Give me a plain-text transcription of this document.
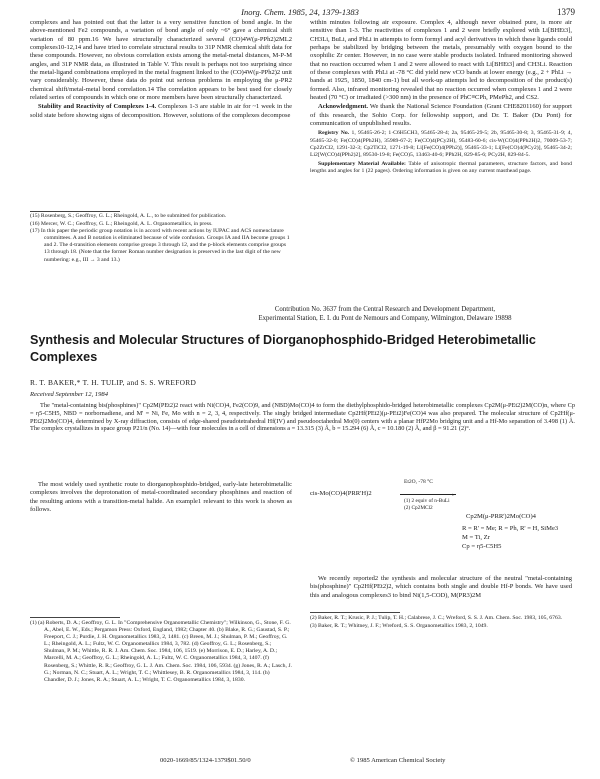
Inorg. Chem. 1985, 24, 1379-1383	1379

complexes and has pointed out that the latter is a very sensitive function of bond angle. In the above-mentioned Fe2 compounds, a variation of bond angle of only ~6° gave a chemical shift variation of 80 ppm.16 We have structurally characterized several (CO)4W(μ-PPh2)2ML2 complexes10-12,14 and have tried to correlate structural results to 31P NMR chemical shift data for these compounds. However, no obvious correlation exists among the metal-metal distances, M-P-M angles, and 31P NMR data, as illustrated in Table V. This result is perhaps not too surprising since the metal-ligand combinations employed in the metal fragment linked to the (CO)4W(μ-PPh2)2 unit vary considerably. However, these data do point out serious problems in employing the μ-PR2 chemical shift/metal-metal bond correlation.14 The correlation appears to be best used for closely related series of compounds in which one or more members have been structurally characterized.

Stability and Reactivity of Complexes 1-4. Complexes 1-3 are stable in air for ~1 week in the solid state before showing signs of decomposition. However, solutions of the complexes decompose

(15) Rosenberg, S.; Geoffroy, G. L.; Rheingold, A. L., to be submitted for publication.

(16) Mercer, W. C.; Geoffroy, G. L.; Rheingold, A. L. Organometallics, in press.

(17) In this paper the periodic group notation is in accord with recent actions by IUPAC and ACS nomenclature committees. A and B notation is eliminated because of wide confusion. Groups IA and IIA become groups 1 and 2. The d-transition elements comprise groups 3 through 12, and the p-block elements comprise groups 13 through 18. (Note that the former Roman number designation is preserved in the last digit of the new numbering: e.g., III → 3 and 13.)

within minutes following air exposure. Complex 4, although never obtained pure, is more air sensitive than 1-3. The reactivities of complexes 1 and 2 were briefly explored with Li[BHEt3], CH3Li, BuLi, and PhLi in attempts to form formyl and acyl derivatives in which these ligands could perhaps be stabilized by bridging between the metals, presumably with oxygen bound to the oxophilic Zr center. However, in no case were stable products isolated. Infrared monitoring showed that no reaction occurred when 1 and 2 were allowed to react with Li[BHEt3] and CH3Li. Reaction of these complexes with PhLi at -78 °C did yield new νCO bands at lower energy (e.g., 2 + PhLi → bands at 1925, 1850, 1840 cm-1) but all work-up attempts led to decomposition of the product(s) formed. Also, infrared monitoring revealed that no reaction occurred when complexes 1 and 2 were heated (70 °C) or irradiated (>300 nm) in the presence of PhC≡CPh, PMePh2, and CS2.

Acknowledgment. We thank the National Science Foundation (Grant CHE8201160) for support of this research, the Sohio Corp. for fellowship support, and Dr. T. Baker (Du Pont) for communication of unpublished results.

Registry No. 1, 95465-26-2; 1·C6H5CH3, 95465-28-4; 2a, 95465-29-5; 2b, 95465-30-8; 3, 95465-31-9; 4, 95465-32-0; Fe(CO)4(PPh2H), 35989-67-2; Fe(CO)4(PCy2H), 95483-60-6; cis-W(CO)4(PPh2H)2, 70009-53-7; Cp2ZrCl2, 1291-32-3; Cp2TiCl2, 1271-19-8; Li[Fe(CO)4(PPh2)], 95465-33-1; Li[Fe(CO)4(PCy2)], 95465-34-2; Li2[W(CO)4(PPh2)2], 89530-19-8; Fe(CO)5, 13463-40-6; PPh2H, 829-85-6; PCy2H, 829-84-5.

Supplementary Material Available: Table of anisotropic thermal parameters, structure factors, and bond lengths and angles for 1 (22 pages). Ordering information is given on any current masthead page.

Contribution No. 3637 from the Central Research and Development Department,
Experimental Station, E. I. du Pont de Nemours and Company, Wilmington, Delaware 19898
Synthesis and Molecular Structures of Diorganophosphido-Bridged Heterobimetallic
Complexes
R. T. BAKER,* T. H. TULIP, and S. S. WREFORD
Received September 12, 1984
The "metal-containing bis(phosphines)" Cp2M(PEt2)2 react with Ni(CO)4, Fe2(CO)9, and (NBD)Mo(CO)4 to form the diethylphosphido-bridged heterobimetallic complexes Cp2M(μ-PEt2)2M(CO)n, where Cp = η5-C5H5, NBD = norbornadiene, and M' = Ni, Fe, Mo with n = 2, 3, 4, respectively. The singly bridged intermediate Cp2Hf(PEt2)(μ-PEt2)Fe(CO)4 was also prepared. The molecular structure of Cp2Hf(μ-PEt2)2Mo(CO)4, determined by X-ray diffraction, consists of edge-shared pseudotetrahedral Hf(IV) and pseudooctahedral Mo(0) centers with a planar HfP2Mo bridging unit and a Hf-Mo separation of 3.498 (1) Å. The complex crystallizes in space group P21/n (No. 14)—with four molecules in a cell of dimensions a = 13.315 (3) Å, b = 15.294 (6) Å, c = 10.180 (2) Å, and β = 91.21 (2)°.

The most widely used synthetic route to diorganophosphido-bridged, early-late heterobimetallic complexes involves the deprotonation of metal-coordinated secondary phosphines and reaction of the resulting anions with a transition-metal halide. An example1 relevant to this work is shown as follows.

Et2O, -78 °C
cis-Mo(CO)4(PRR'H)2	›
(1) 2 equiv of n-BuLi
(2) Cp2MCl2
Cp2M(μ-PRR')2Mo(CO)4
R = R' = Me; R = Ph, R' = H, SiMe3
M = Ti, Zr
Cp = η5-C5H5

We recently reported2 the synthesis and molecular structure of the neutral "metal-containing bis(phosphine)" Cp2Hf(PEt2)2, which contains both single and double Hf-P bonds. We have used this and analogous complexes3 to bind Ni(1,5-COD), M(PR3)2M

(1) (a) Roberts, D. A.; Geoffroy, G. L. In "Comprehensive Organometallic Chemistry"; Wilkinson, G., Stone, F. G. A., Abel, E. W., Eds.; Pergamon Press: Oxford, England, 1982; Chapter 40. (b) Blake, R. G.; Gaustad, S. P.; Freeport, C. J.; Purdie, J. H. Organometallics 1983, 2, 1481. (c) Breen, M. J.; Shulman, P. M.; Geoffroy, G. L.; Rheingold, A. L.; Fultz, W. C. Organometallics 1984, 3, 782. (d) Geoffroy, G. L.; Rosenberg, S.; Shulman, P. M.; Whittle, R. R. J. Am. Chem. Soc. 1984, 106, 1519. (e) Morrison, E. D.; Harley, A. D.; Marcelli, M. A.; Geoffroy, G. L.; Rheingold, A. L.; Fultz, W. C. Organometallics 1984, 3, 1407. (f) Rosenberg, S.; Whittle, R. R.; Geoffroy, G. L. J. Am. Chem. Soc. 1984, 106, 5934. (g) Jones, R. A.; Lasch, J. G.; Norman, N. C.; Stuart, A. L.; Wright, T. C.; Whittlesey, B. R. Organometallics 1984, 3, 114. (h) Chandler, D. J.; Jones, R. A.; Stuart, A. L.; Wright, T. C. Organometallics 1984, 3, 1830.

(2) Baker, R. T.; Krusic, P. J.; Tulip, T. H.; Calabrese, J. C.; Wreford, S. S. J. Am. Chem. Soc. 1983, 105, 6763.

(3) Baker, R. T.; Whitney, J. F.; Wreford, S. S. Organometallics 1983, 2, 1049.

0020-1669/85/1324-1379$01.50/0	© 1985 American Chemical Society
